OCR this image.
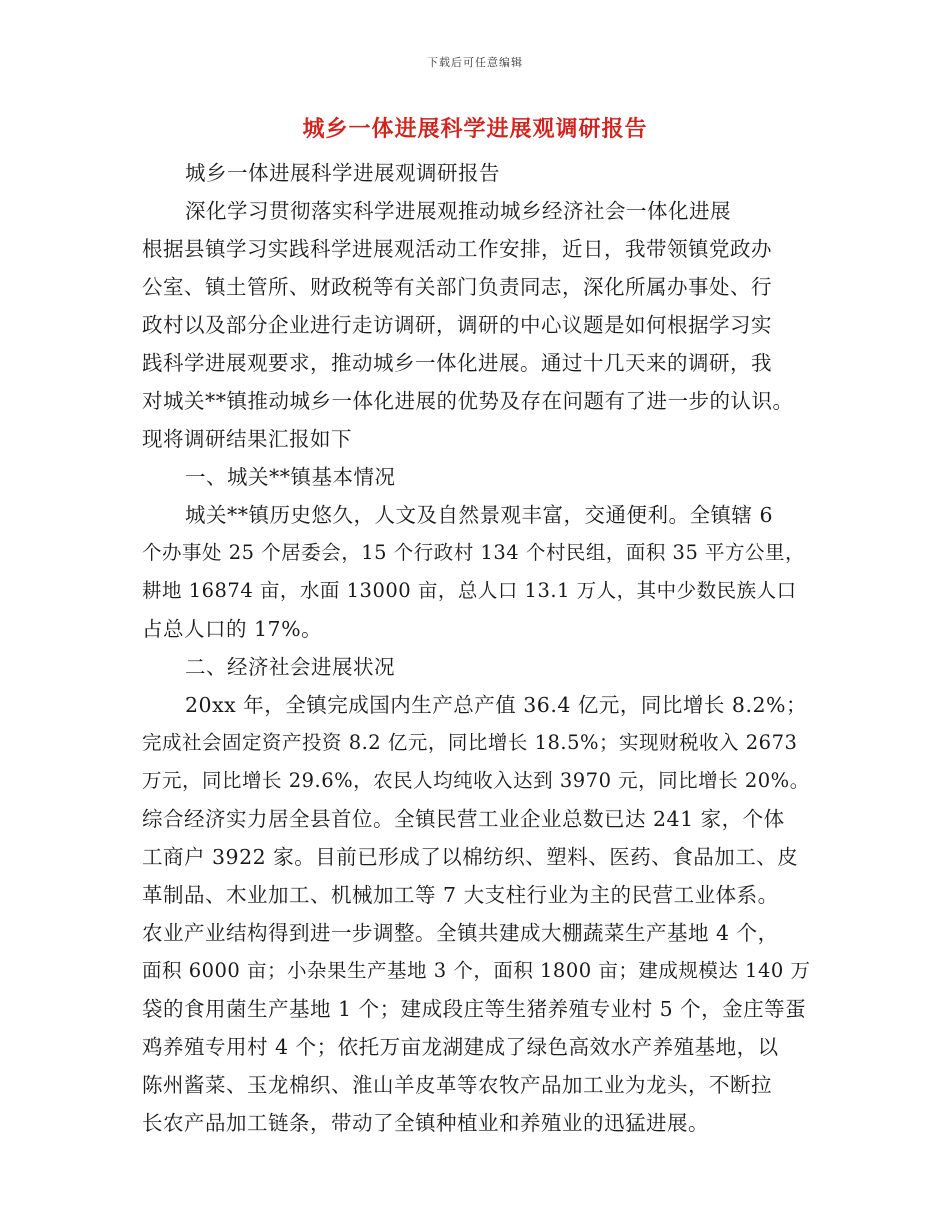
下载后可任意编辑
城乡一体进展科学进展观调研报告
城乡一体进展科学进展观调研报告
深化学习贯彻落实科学进展观推动城乡经济社会一体化进展
根据县镇学习实践科学进展观活动工作安排，近日，我带领镇党政办
公室、镇土管所、财政税等有关部门负责同志，深化所属办事处、行
政村以及部分企业进行走访调研，调研的中心议题是如何根据学习实
践科学进展观要求，推动城乡一体化进展。通过十几天来的调研，我
对城关**镇推动城乡一体化进展的优势及存在问题有了进一步的认识。
现将调研结果汇报如下
一、城关**镇基本情况
城关**镇历史悠久，人文及自然景观丰富，交通便利。全镇辖 6
个办事处 25 个居委会，15 个行政村 134 个村民组，面积 35 平方公里，
耕地 16874 亩，水面 13000 亩，总人口 13.1 万人，其中少数民族人口
占总人口的 17%。
二、经济社会进展状况
20xx 年，全镇完成国内生产总产值 36.4 亿元，同比增长 8.2%；
完成社会固定资产投资 8.2 亿元，同比增长 18.5%；实现财税收入 2673
万元，同比增长 29.6%，农民人均纯收入达到 3970 元，同比增长 20%。
综合经济实力居全县首位。全镇民营工业企业总数已达 241 家，个体
工商户 3922 家。目前已形成了以棉纺织、塑料、医药、食品加工、皮
革制品、木业加工、机械加工等 7 大支柱行业为主的民营工业体系。
农业产业结构得到进一步调整。全镇共建成大棚蔬菜生产基地 4 个，
面积 6000 亩；小杂果生产基地 3 个，面积 1800 亩；建成规模达 140 万
袋的食用菌生产基地 1 个；建成段庄等生猪养殖专业村 5 个，金庄等蛋
鸡养殖专用村 4 个；依托万亩龙湖建成了绿色高效水产养殖基地，以
陈州酱菜、玉龙棉织、淮山羊皮革等农牧产品加工业为龙头，不断拉
长农产品加工链条，带动了全镇种植业和养殖业的迅猛进展。
